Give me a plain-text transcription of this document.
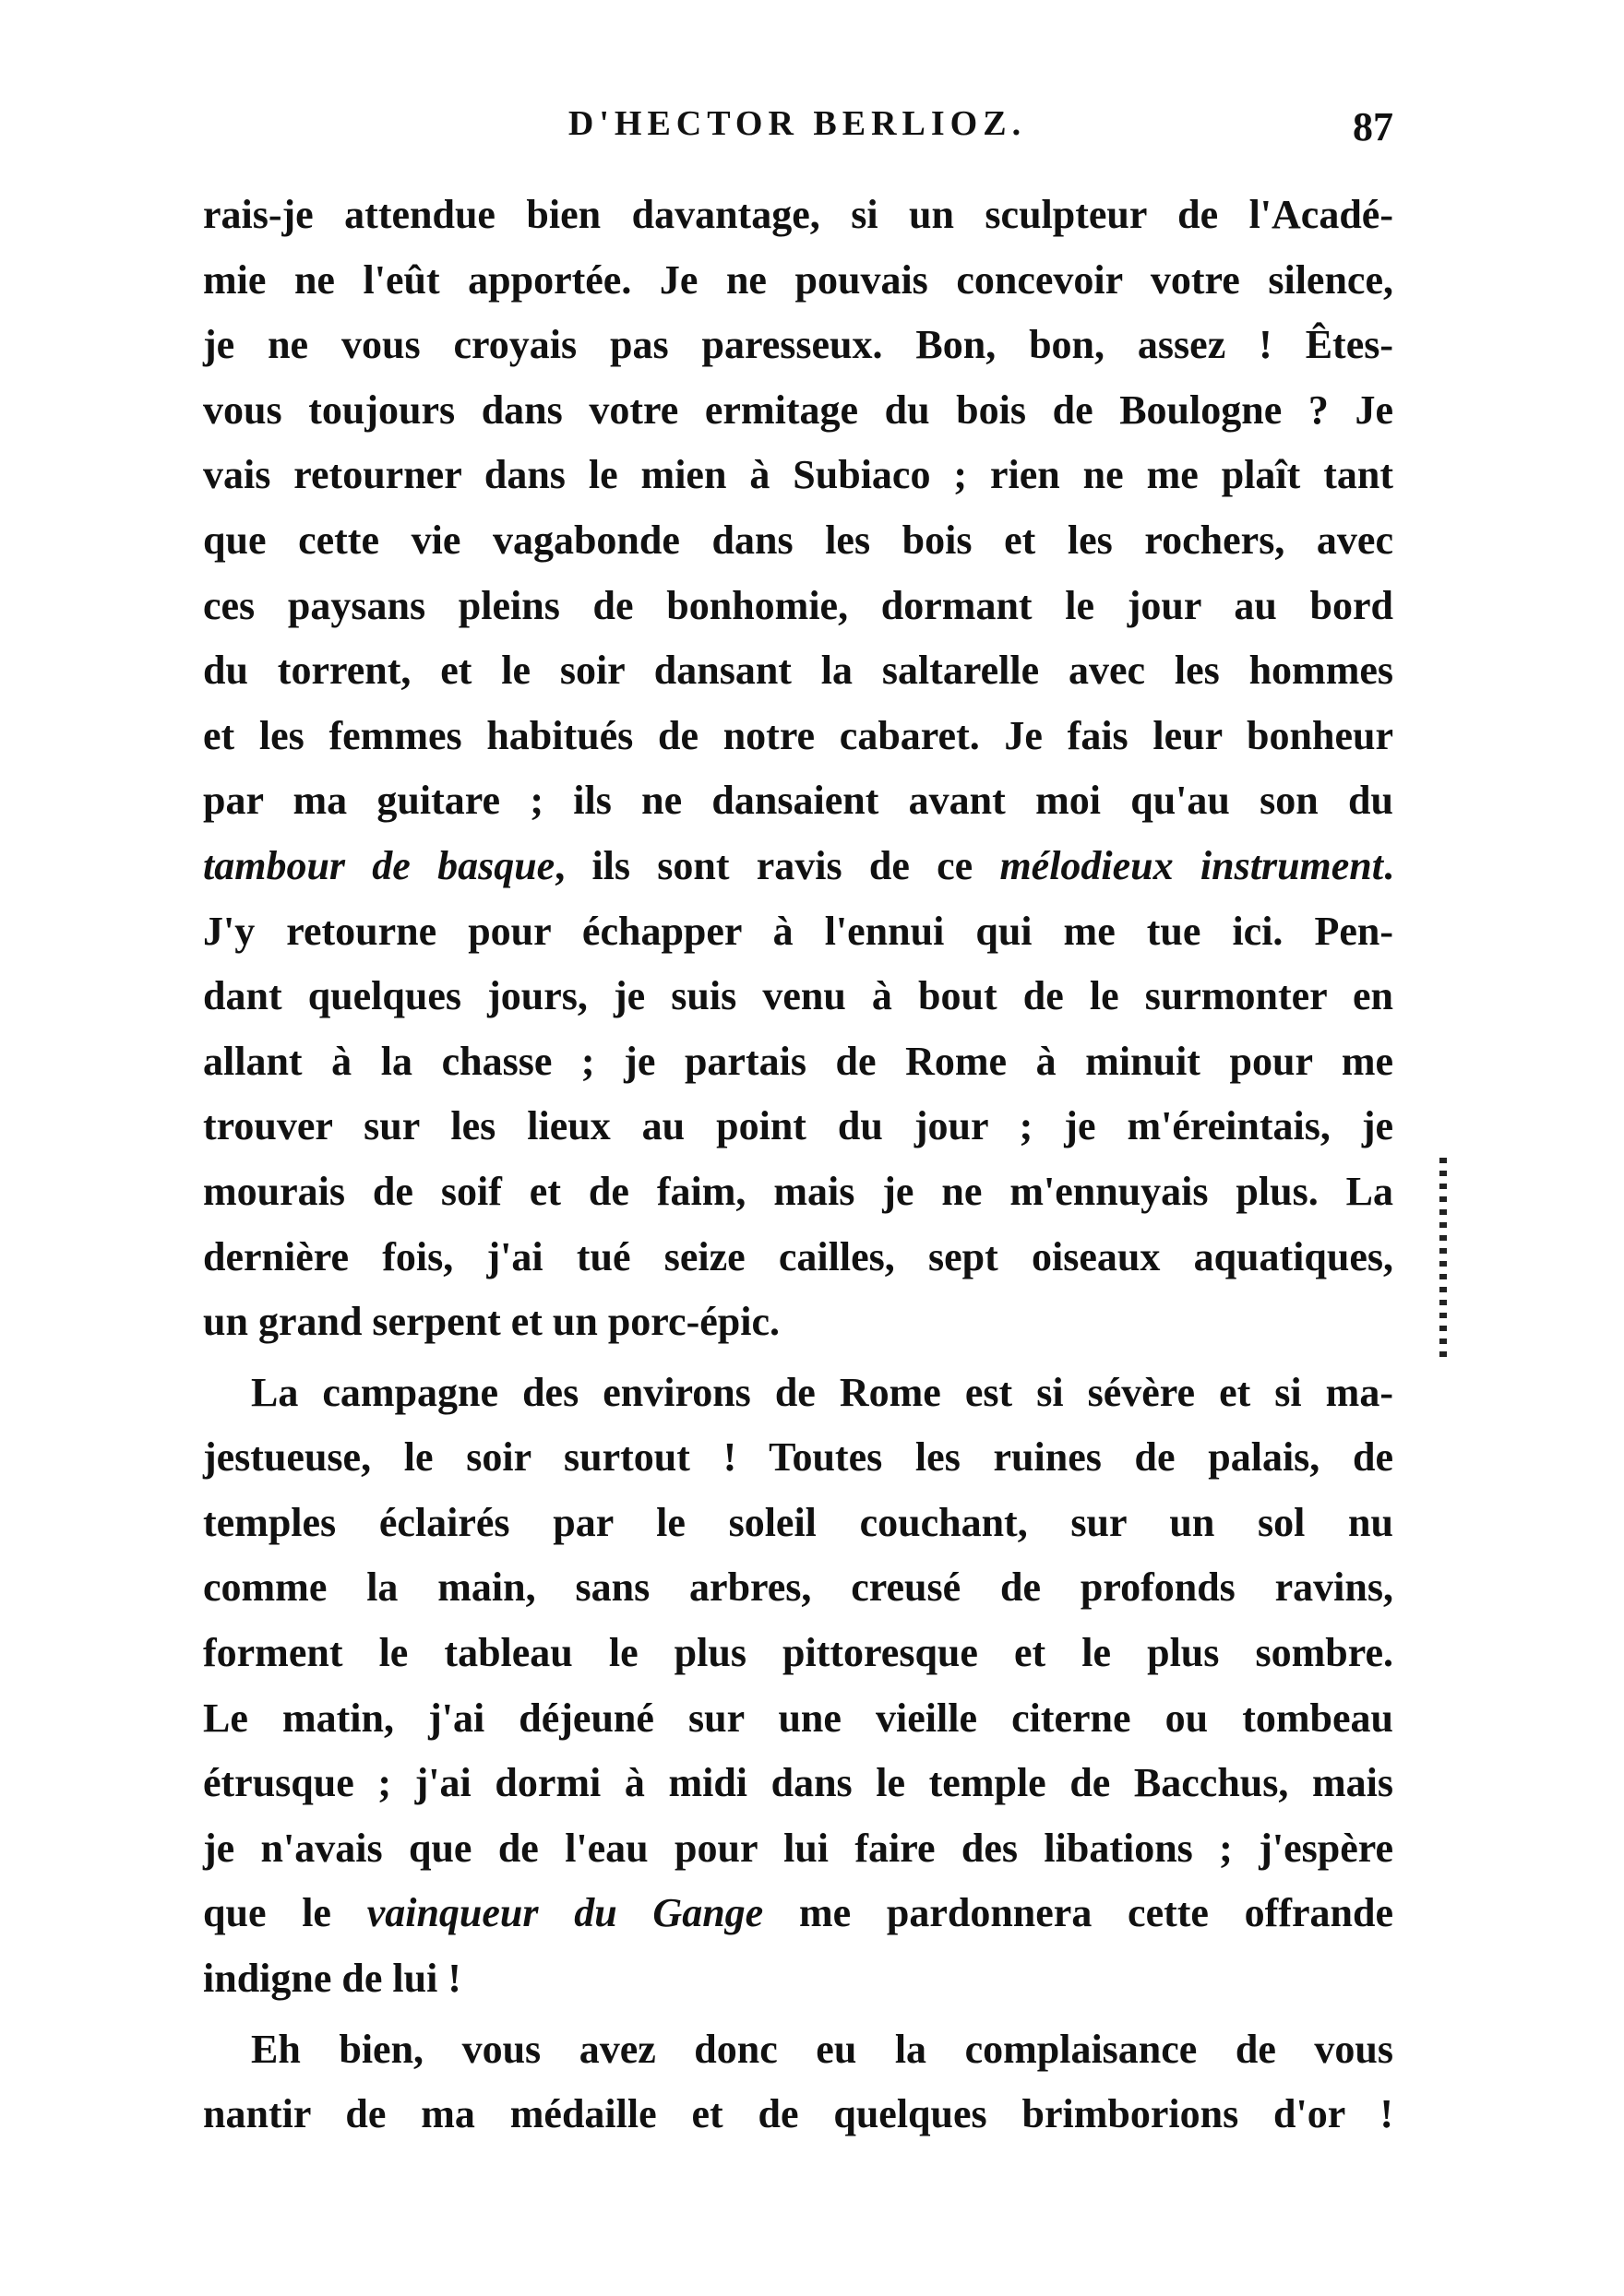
D'HECTOR BERLIOZ.	87
rais-je attendue bien davantage, si un sculpteur de l'Acadé-
mie ne l'eût apportée. Je ne pouvais concevoir votre silence,
je ne vous croyais pas paresseux. Bon, bon, assez ! Êtes-
vous toujours dans votre ermitage du bois de Boulogne ? Je
vais retourner dans le mien à Subiaco ; rien ne me plaît tant
que cette vie vagabonde dans les bois et les rochers, avec
ces paysans pleins de bonhomie, dormant le jour au bord
du torrent, et le soir dansant la saltarelle avec les hommes
et les femmes habitués de notre cabaret. Je fais leur bonheur
par ma guitare ; ils ne dansaient avant moi qu'au son du
tambour de basque, ils sont ravis de ce mélodieux instrument.
J'y retourne pour échapper à l'ennui qui me tue ici. Pen-
dant quelques jours, je suis venu à bout de le surmonter en
allant à la chasse ; je partais de Rome à minuit pour me
trouver sur les lieux au point du jour ; je m'éreintais, je
mourais de soif et de faim, mais je ne m'ennuyais plus. La
dernière fois, j'ai tué seize cailles, sept oiseaux aquatiques,
un grand serpent et un porc-épic.
La campagne des environs de Rome est si sévère et si ma-
jestueuse, le soir surtout ! Toutes les ruines de palais, de
temples éclairés par le soleil couchant, sur un sol nu
comme la main, sans arbres, creusé de profonds ravins,
forment le tableau le plus pittoresque et le plus sombre.
Le matin, j'ai déjeuné sur une vieille citerne ou tombeau
étrusque ; j'ai dormi à midi dans le temple de Bacchus, mais
je n'avais que de l'eau pour lui faire des libations ; j'espère
que le vainqueur du Gange me pardonnera cette offrande
indigne de lui !
Eh bien, vous avez donc eu la complaisance de vous
nantir de ma médaille et de quelques brimborions d'or !
